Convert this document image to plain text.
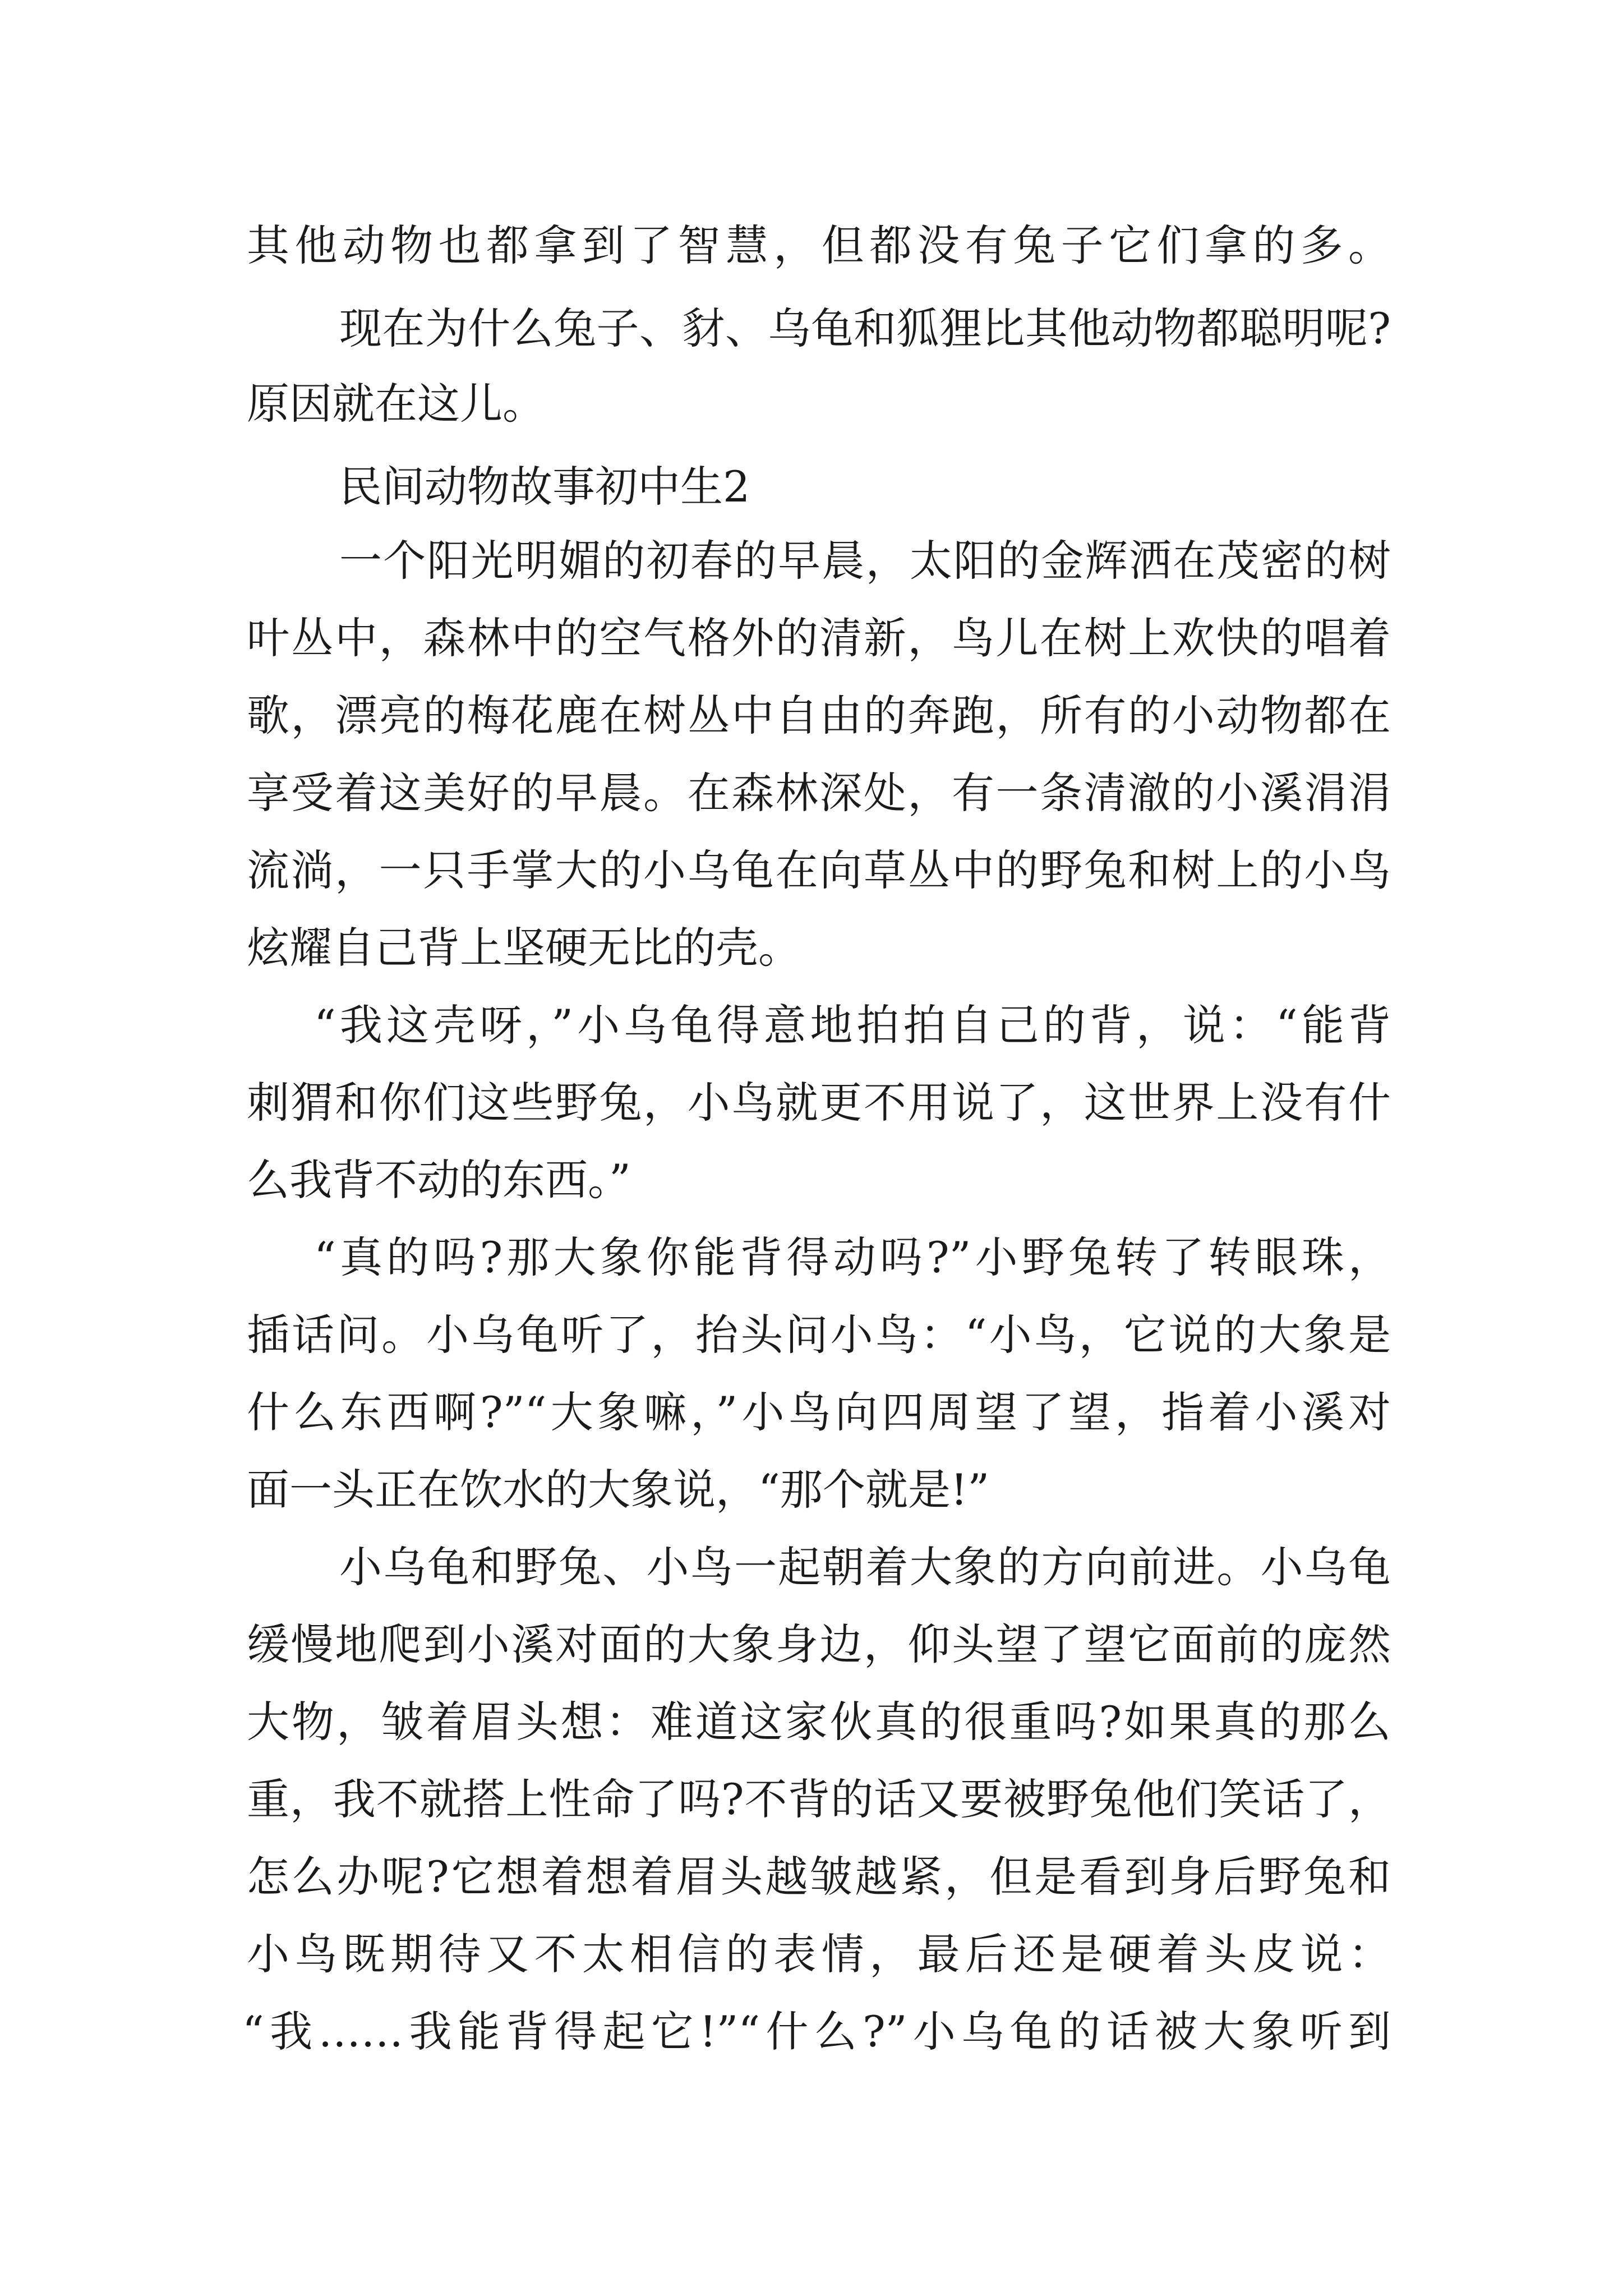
其他动物也都拿到了智慧，但都没有兔子它们拿的多。
现在为什么兔子、豺、乌龟和狐狸比其他动物都聪明呢?
原因就在这儿。
民间动物故事初中生2
一个阳光明媚的初春的早晨，太阳的金辉洒在茂密的树
叶丛中，森林中的空气格外的清新，鸟儿在树上欢快的唱着
歌，漂亮的梅花鹿在树丛中自由的奔跑，所有的小动物都在
享受着这美好的早晨。在森林深处，有一条清澈的小溪涓涓
流淌，一只手掌大的小乌龟在向草丛中的野兔和树上的小鸟
炫耀自己背上坚硬无比的壳。
“我这壳呀，”小乌龟得意地拍拍自己的背，说：“能背
刺猬和你们这些野兔，小鸟就更不用说了，这世界上没有什
么我背不动的东西。”
“真的吗?那大象你能背得动吗?”小野兔转了转眼珠，
插话问。小乌龟听了，抬头问小鸟：“小鸟，它说的大象是
什么东西啊?”“大象嘛，”小鸟向四周望了望，指着小溪对
面一头正在饮水的大象说，“那个就是!”
小乌龟和野兔、小鸟一起朝着大象的方向前进。小乌龟
缓慢地爬到小溪对面的大象身边，仰头望了望它面前的庞然
大物，皱着眉头想：难道这家伙真的很重吗?如果真的那么
重，我不就搭上性命了吗?不背的话又要被野兔他们笑话了，
怎么办呢?它想着想着眉头越皱越紧，但是看到身后野兔和
小鸟既期待又不太相信的表情，最后还是硬着头皮说：
“我……我能背得起它!”“什么?”小乌龟的话被大象听到
